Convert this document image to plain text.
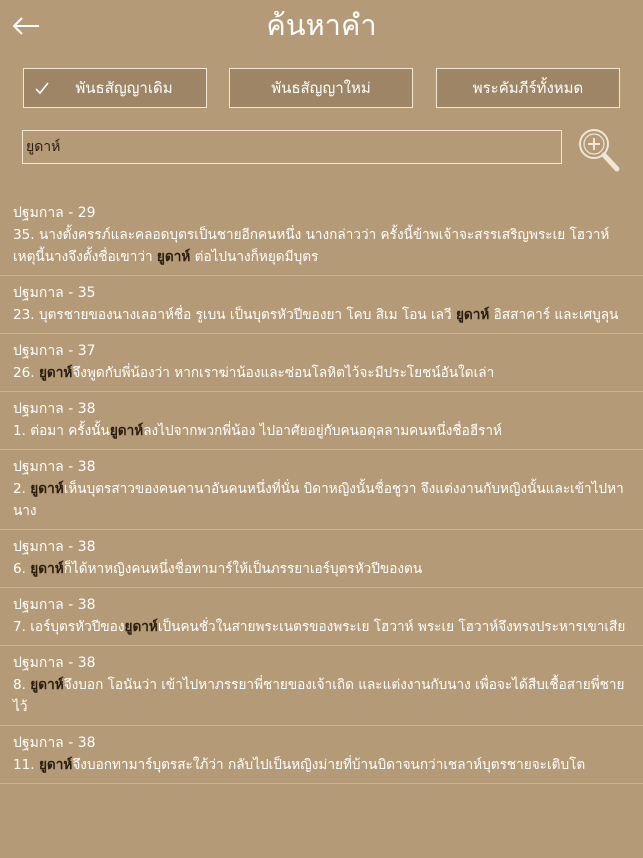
ค้นหาคำ
พันธสัญญาเดิม	พันธสัญญาใหม่	พระคัมภีร์ทั้งหมด
ยูดาห์
ปฐมกาล - 29
35. นางตั้งครรภ์และคลอดบุตรเป็นชายอีกคนหนึ่ง นางกล่าวว่า ครั้งนี้ข้าพเจ้าจะสรรเสริญพระเย โฮวาห์ เหตุนี้นางจึงตั้งชื่อเขาว่า ยูดาห์ ต่อไปนางก็หยุดมีบุตร
ปฐมกาล - 35
23. บุตรชายของนางเลอาห์ชื่อ รูเบน เป็นบุตรหัวปีของยา โคบ สิเม โอน เลวี ยูดาห์ อิสสาคาร์ และเศบูลุน
ปฐมกาล - 37
26. ยูดาห์จึงพูดกับพี่น้องว่า หากเราฆ่าน้องและซ่อนโลหิตไว้จะมีประโยชน์อันใดเล่า
ปฐมกาล - 38
1. ต่อมา ครั้งนั้นยูดาห์ลงไปจากพวกพี่น้อง ไปอาศัยอยู่กับคนอดุลลามคนหนึ่งชื่อฮีราห์
ปฐมกาล - 38
2. ยูดาห์เห็นบุตรสาวของคนคานาอันคนหนึ่งที่นั่น บิดาหญิงนั้นชื่อชูวา จึงแต่งงานกับหญิงนั้นและเข้าไปหานาง
ปฐมกาล - 38
6. ยูดาห์ก็ได้หาหญิงคนหนึ่งชื่อทามาร์ให้เป็นภรรยาเอร์บุตรหัวปีของตน
ปฐมกาล - 38
7. เอร์บุตรหัวปีของยูดาห์เป็นคนชั่วในสายพระเนตรของพระเย โฮวาห์ พระเย โฮวาห์จึงทรงประหารเขาเสีย
ปฐมกาล - 38
8. ยูดาห์จึงบอก โอนันว่า เข้าไปหาภรรยาพี่ชายของเจ้าเถิด และแต่งงานกับนาง เพื่อจะได้สืบเชื้อสายพี่ชายไว้
ปฐมกาล - 38
11. ยูดาห์จึงบอกทามาร์บุตรสะใภ้ว่า กลับไปเป็นหญิงม่ายที่บ้านบิดาจนกว่าเชลาห์บุตรชายจะเติบโต
